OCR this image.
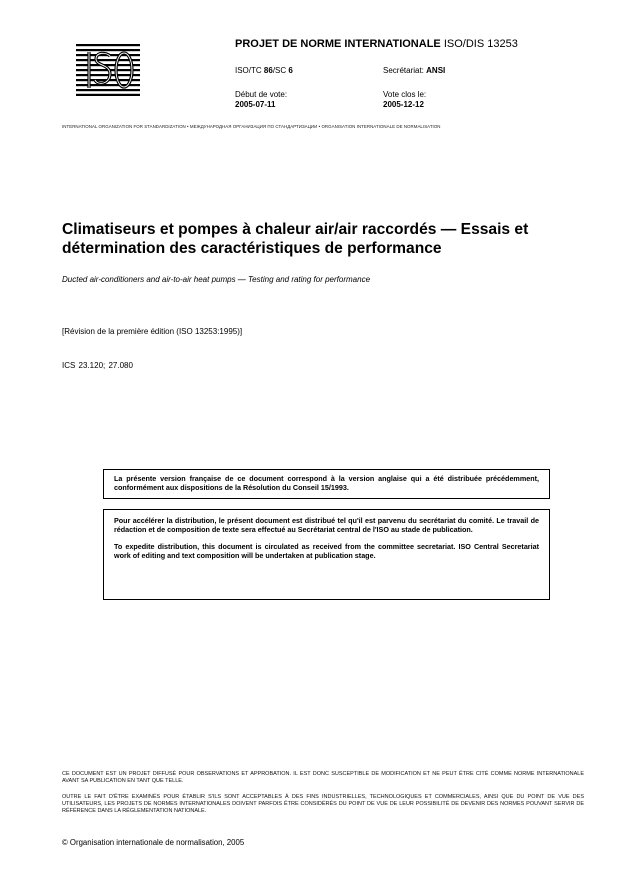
PROJET DE NORME INTERNATIONALE ISO/DIS 13253
ISO/TC 86/SC 6	Secrétariat: ANSI
Début de vote:
2005-07-11
Vote clos le:
2005-12-12
INTERNATIONAL ORGANIZATION FOR STANDARDIZATION • МЕЖДУНАРОДНАЯ ОРГАНИЗАЦИЯ ПО СТАНДАРТИЗАЦИИ • ORGANISATION INTERNATIONALE DE NORMALISATION
Climatiseurs et pompes à chaleur air/air raccordés — Essais et détermination des caractéristiques de performance
Ducted air-conditioners and air-to-air heat pumps — Testing and rating for performance
[Révision de la première édition (ISO 13253:1995)]
ICS 23.120; 27.080

La présente version française de ce document correspond à la version anglaise qui a été distribuée précédemment, conformément aux dispositions de la Résolution du Conseil 15/1993.

Pour accélérer la distribution, le présent document est distribué tel qu'il est parvenu du secrétariat du comité. Le travail de rédaction et de composition de texte sera effectué au Secrétariat central de l'ISO au stade de publication.

To expedite distribution, this document is circulated as received from the committee secretariat. ISO Central Secretariat work of editing and text composition will be undertaken at publication stage.

CE DOCUMENT EST UN PROJET DIFFUSÉ POUR OBSERVATIONS ET APPROBATION. IL EST DONC SUSCEPTIBLE DE MODIFICATION ET NE PEUT ÊTRE CITÉ COMME NORME INTERNATIONALE AVANT SA PUBLICATION EN TANT QUE TELLE.
OUTRE LE FAIT D'ÊTRE EXAMINÉS POUR ÉTABLIR S'ILS SONT ACCEPTABLES À DES FINS INDUSTRIELLES, TECHNOLOGIQUES ET COMMERCIALES, AINSI QUE DU POINT DE VUE DES UTILISATEURS, LES PROJETS DE NORMES INTERNATIONALES DOIVENT PARFOIS ÊTRE CONSIDÉRÉS DU POINT DE VUE DE LEUR POSSIBILITÉ DE DEVENIR DES NORMES POUVANT SERVIR DE RÉFÉRENCE DANS LA RÉGLEMENTATION NATIONALE.
© Organisation internationale de normalisation, 2005
